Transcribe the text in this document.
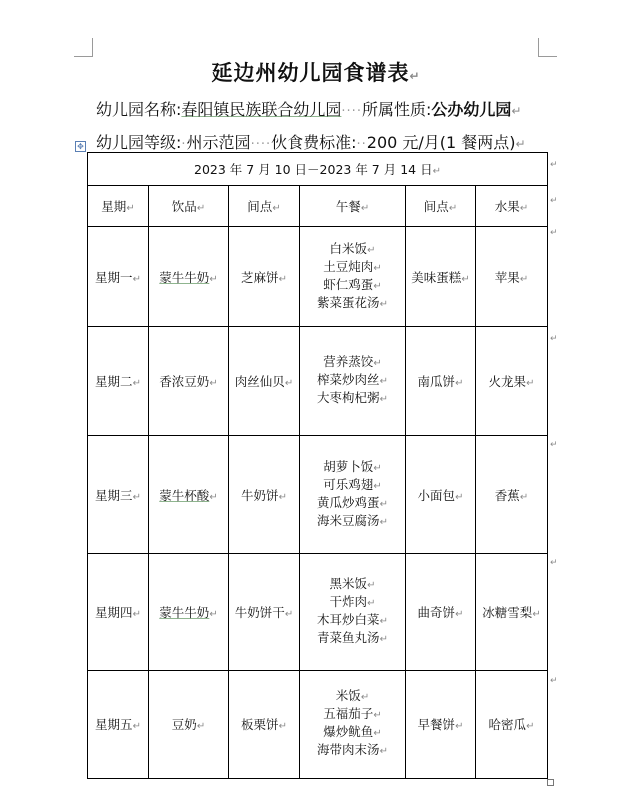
延边州幼儿园食谱表↵
幼儿园名称:春阳镇民族联合幼儿园····所属性质:公办幼儿园↵
幼儿园等级:·州示范园····伙食费标准:··200 元/月(1 餐两点)↵
✥
2023 年 7 月 10 日－2023 年 7 月 14 日↵					
星期↵	饮品↵	间点↵	午餐↵	间点↵	水果↵
星期一↵	蒙牛牛奶↵	芝麻饼↵	白米饭↵
土豆炖肉↵
虾仁鸡蛋↵
紫菜蛋花汤↵	美味蛋糕↵	苹果↵
星期二↵	香浓豆奶↵	肉丝仙贝↵	营养蒸饺↵
榨菜炒肉丝↵
大枣枸杞粥↵	南瓜饼↵	火龙果↵
星期三↵	蒙牛杯酸↵	牛奶饼↵	胡萝卜饭↵
可乐鸡翅↵
黄瓜炒鸡蛋↵
海米豆腐汤↵	小面包↵	香蕉↵
星期四↵	蒙牛牛奶↵	牛奶饼干↵	黑米饭↵
干炸肉↵
木耳炒白菜↵
青菜鱼丸汤↵	曲奇饼↵	冰糖雪梨↵
星期五↵	豆奶↵	板栗饼↵	米饭↵
五福茄子↵
爆炒鱿鱼↵
海带肉末汤↵	早餐饼↵	哈密瓜↵
↵
↵
↵
↵
↵
↵
↵
